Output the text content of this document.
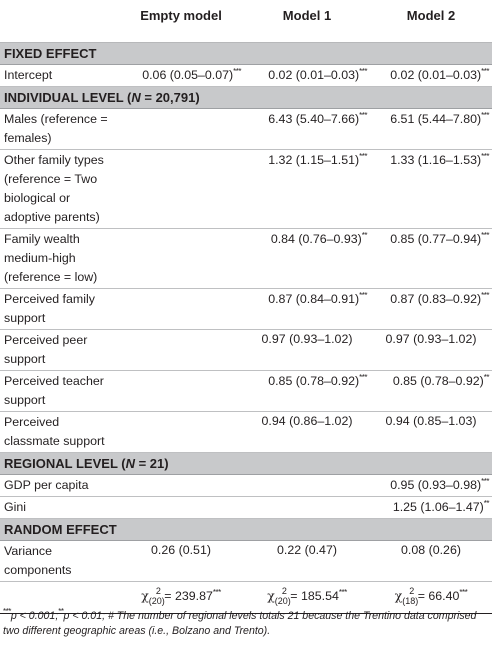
	Empty model	Model 1	Model 2
FIXED EFFECT			
Intercept	0.06 (0.05–0.07)***	0.02 (0.01–0.03)***	0.02 (0.01–0.03)***
INDIVIDUAL LEVEL (N = 20,791)			
Males (reference = females)		6.43 (5.40–7.66)***	6.51 (5.44–7.80)***
Other family types (reference = Two biological or adoptive parents)		1.32 (1.15–1.51)***	1.33 (1.16–1.53)***
Family wealth medium-high (reference = low)		0.84 (0.76–0.93)**	0.85 (0.77–0.94)***
Perceived family support		0.87 (0.84–0.91)***	0.87 (0.83–0.92)***
Perceived peer support		0.97 (0.93–1.02)	0.97 (0.93–1.02)
Perceived teacher support		0.85 (0.78–0.92)***	0.85 (0.78–0.92)**
Perceived classmate support		0.94 (0.86–1.02)	0.94 (0.85–1.03)
REGIONAL LEVEL (N = 21)			
GDP per capita			0.95 (0.93–0.98)***
Gini			1.25 (1.06–1.47)**
RANDOM EFFECT			
Variance components	0.26 (0.51)	0.22 (0.47)	0.08 (0.26)
	$\chi_{(20)}^2 = 239.87^{***}$	$\chi_{(20)}^2 = 185.54^{***}$	$\chi_{(18)}^2 = 66.40^{***}$
***p < 0.001;**p < 0.01; # The number of regional levels totals 21 because the Trentino data comprised two different geographic areas (i.e., Bolzano and Trento).
